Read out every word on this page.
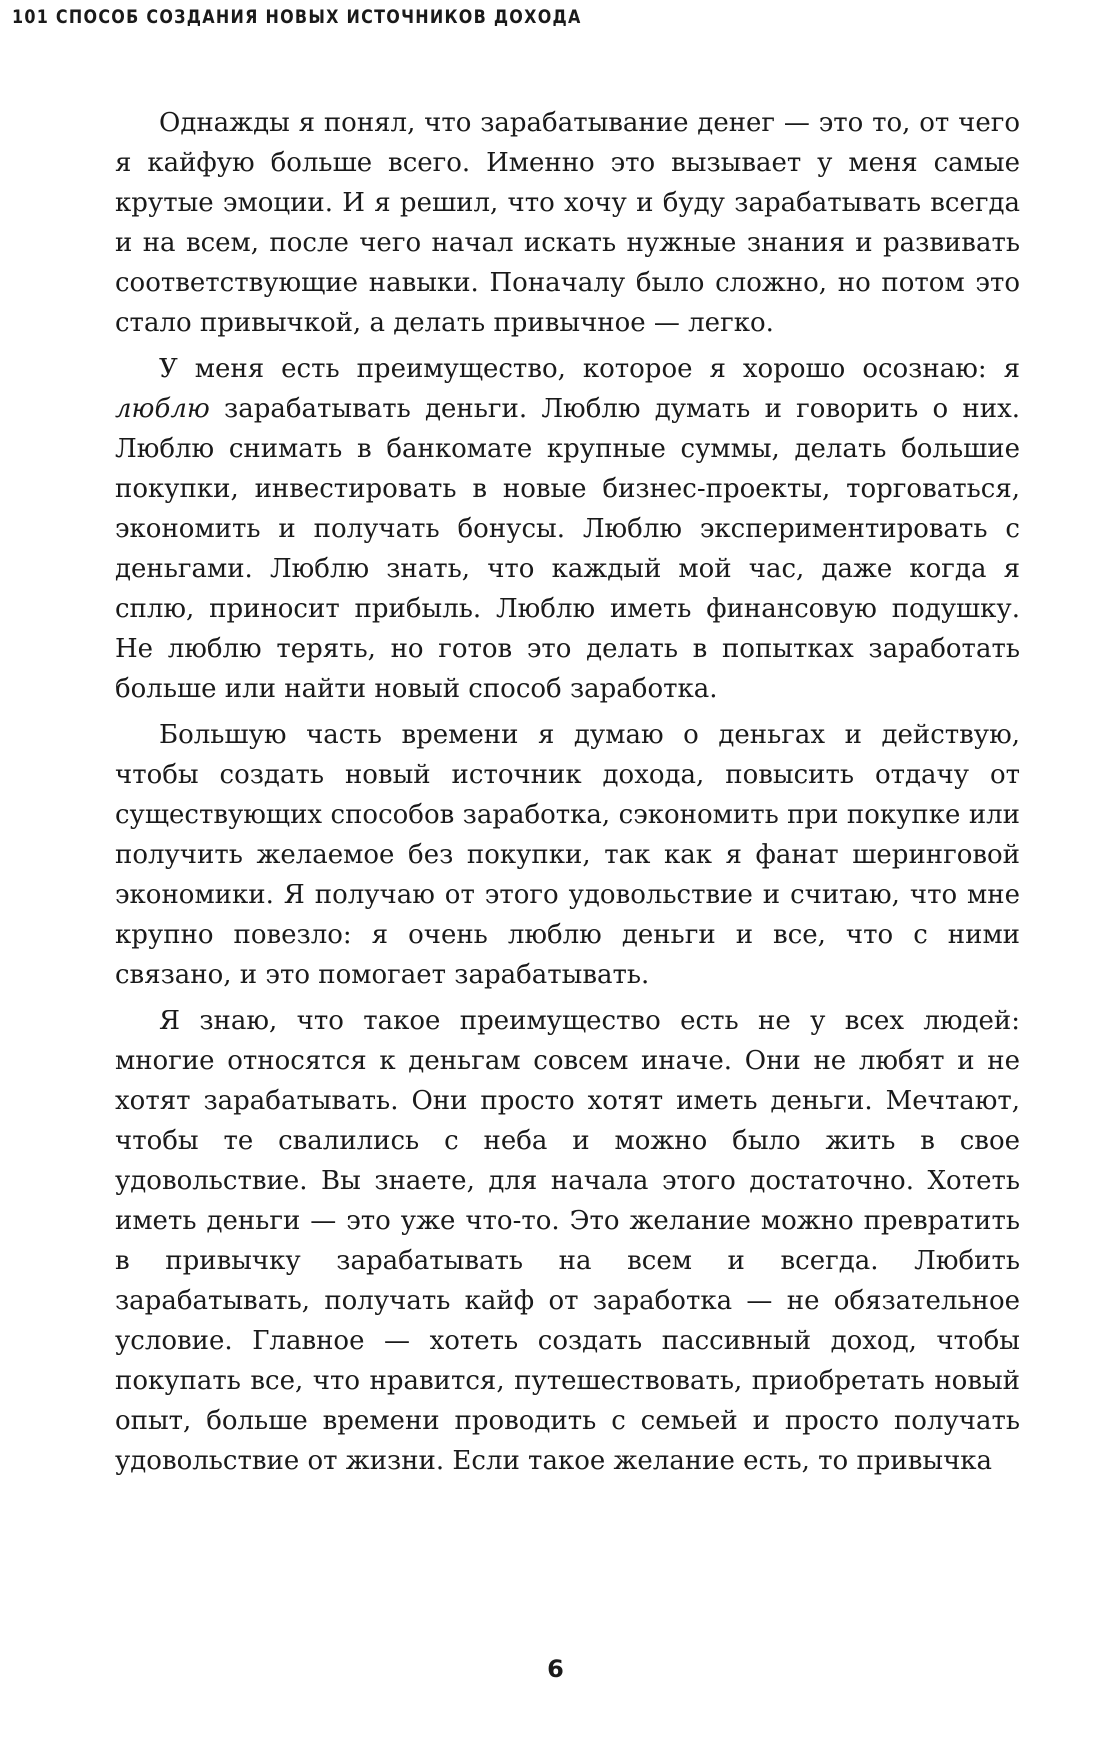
101 СПОСОБ СОЗДАНИЯ НОВЫХ ИСТОЧНИКОВ ДОХОДА

Однажды я понял, что зарабатывание денег — это то, от чего я кайфую больше всего. Именно это вызывает у меня самые крутые эмоции. И я решил, что хочу и буду зарабатывать всегда и на всем, после чего начал искать нужные знания и развивать соответствующие навыки. Поначалу было сложно, но потом это стало привычкой, а делать привычное — легко.

У меня есть преимущество, которое я хорошо осознаю: я люблю зарабатывать деньги. Люблю думать и говорить о них. Люблю снимать в банкомате крупные суммы, делать большие покупки, инвестировать в новые бизнес-проекты, торговаться, экономить и получать бонусы. Люблю экспериментировать с деньгами. Люблю знать, что каждый мой час, даже когда я сплю, приносит прибыль. Люблю иметь финансовую подушку. Не люблю терять, но готов это делать в попытках заработать больше или найти новый способ заработка.

Большую часть времени я думаю о деньгах и действую, чтобы создать новый источник дохода, повысить отдачу от существующих способов заработка, сэкономить при покупке или получить желаемое без покупки, так как я фанат шеринговой экономики. Я получаю от этого удовольствие и считаю, что мне крупно повезло: я очень люблю деньги и все, что с ними связано, и это помогает зарабатывать.

Я знаю, что такое преимущество есть не у всех людей: многие относятся к деньгам совсем иначе. Они не любят и не хотят зарабатывать. Они просто хотят иметь деньги. Мечтают, чтобы те свалились с неба и можно было жить в свое удовольствие. Вы знаете, для начала этого достаточно. Хотеть иметь деньги — это уже что-то. Это желание можно превратить в привычку зарабатывать на всем и всегда. Любить зарабатывать, получать кайф от заработка — не обязательное условие. Главное — хотеть создать пассивный доход, чтобы покупать все, что нравится, путешествовать, приобретать новый опыт, больше времени проводить с семьей и просто получать удовольствие от жизни. Если такое желание есть, то привычка

6
